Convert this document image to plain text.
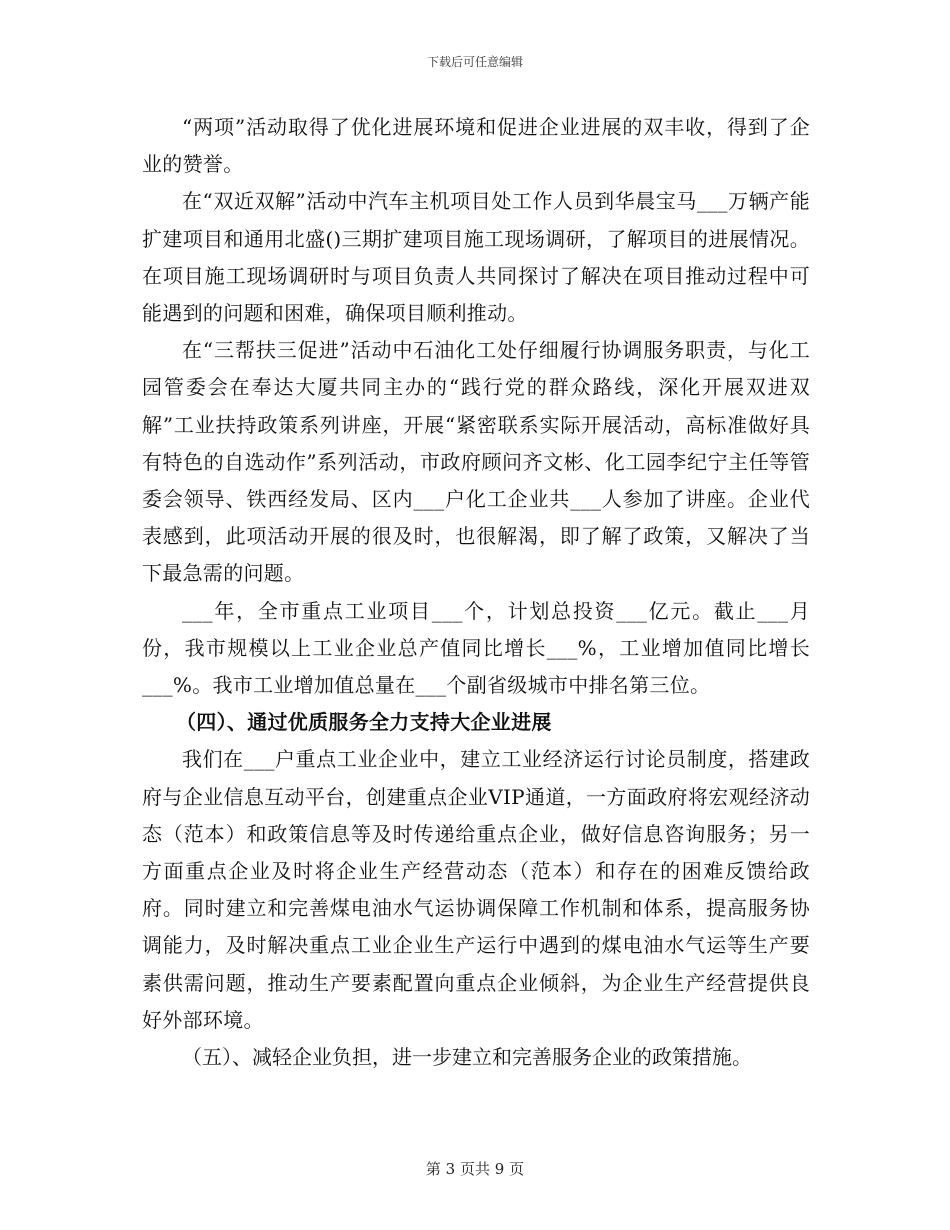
下载后可任意编辑

“两项”活动取得了优化进展环境和促进企业进展的双丰收，得到了企业的赞誉。

在“双近双解”活动中汽车主机项目处工作人员到华晨宝马___万辆产能扩建项目和通用北盛()三期扩建项目施工现场调研，了解项目的进展情况。在项目施工现场调研时与项目负责人共同探讨了解决在项目推动过程中可能遇到的问题和困难，确保项目顺利推动。

在“三帮扶三促进”活动中石油化工处仔细履行协调服务职责，与化工园管委会在奉达大厦共同主办的“践行党的群众路线，深化开展双进双解”工业扶持政策系列讲座，开展“紧密联系实际开展活动，高标准做好具有特色的自选动作”系列活动，市政府顾问齐文彬、化工园李纪宁主任等管委会领导、铁西经发局、区内___户化工企业共___人参加了讲座。企业代表感到，此项活动开展的很及时，也很解渴，即了解了政策，又解决了当下最急需的问题。

___年，全市重点工业项目___个，计划总投资___亿元。截止___月份，我市规模以上工业企业总产值同比增长___%，工业增加值同比增长___%。我市工业增加值总量在___个副省级城市中排名第三位。

（四）、通过优质服务全力支持大企业进展

我们在___户重点工业企业中，建立工业经济运行讨论员制度，搭建政府与企业信息互动平台，创建重点企业VIP通道，一方面政府将宏观经济动态（范本）和政策信息等及时传递给重点企业，做好信息咨询服务；另一方面重点企业及时将企业生产经营动态（范本）和存在的困难反馈给政府。同时建立和完善煤电油水气运协调保障工作机制和体系，提高服务协调能力，及时解决重点工业企业生产运行中遇到的煤电油水气运等生产要素供需问题，推动生产要素配置向重点企业倾斜，为企业生产经营提供良好外部环境。

（五）、减轻企业负担，进一步建立和完善服务企业的政策措施。

第 3 页共 9 页
